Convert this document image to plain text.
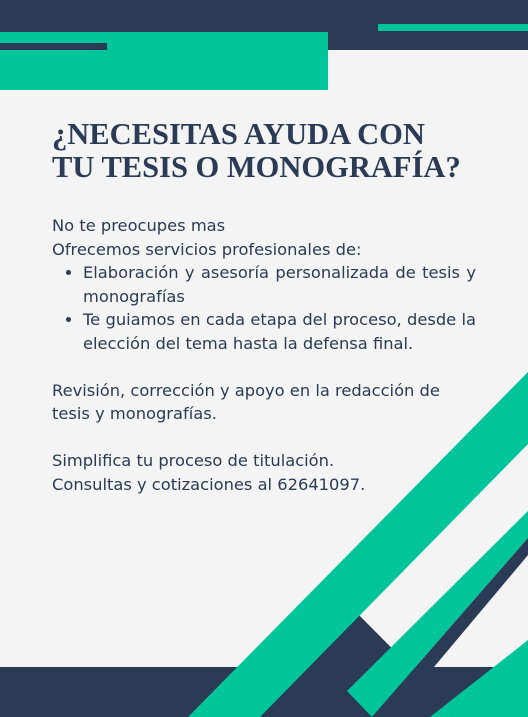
¿NECESITAS AYUDA CON
TU TESIS O MONOGRAFÍA?

No te preocupes mas

Ofrecemos servicios profesionales de:

• Elaboración y asesoría personalizada de tesis y monografías
• Te guiamos en cada etapa del proceso, desde la elección del tema hasta la defensa final.

Revisión, corrección y apoyo en la redacción de tesis y monografías.

Simplifica tu proceso de titulación.

Consultas y cotizaciones al 62641097.
